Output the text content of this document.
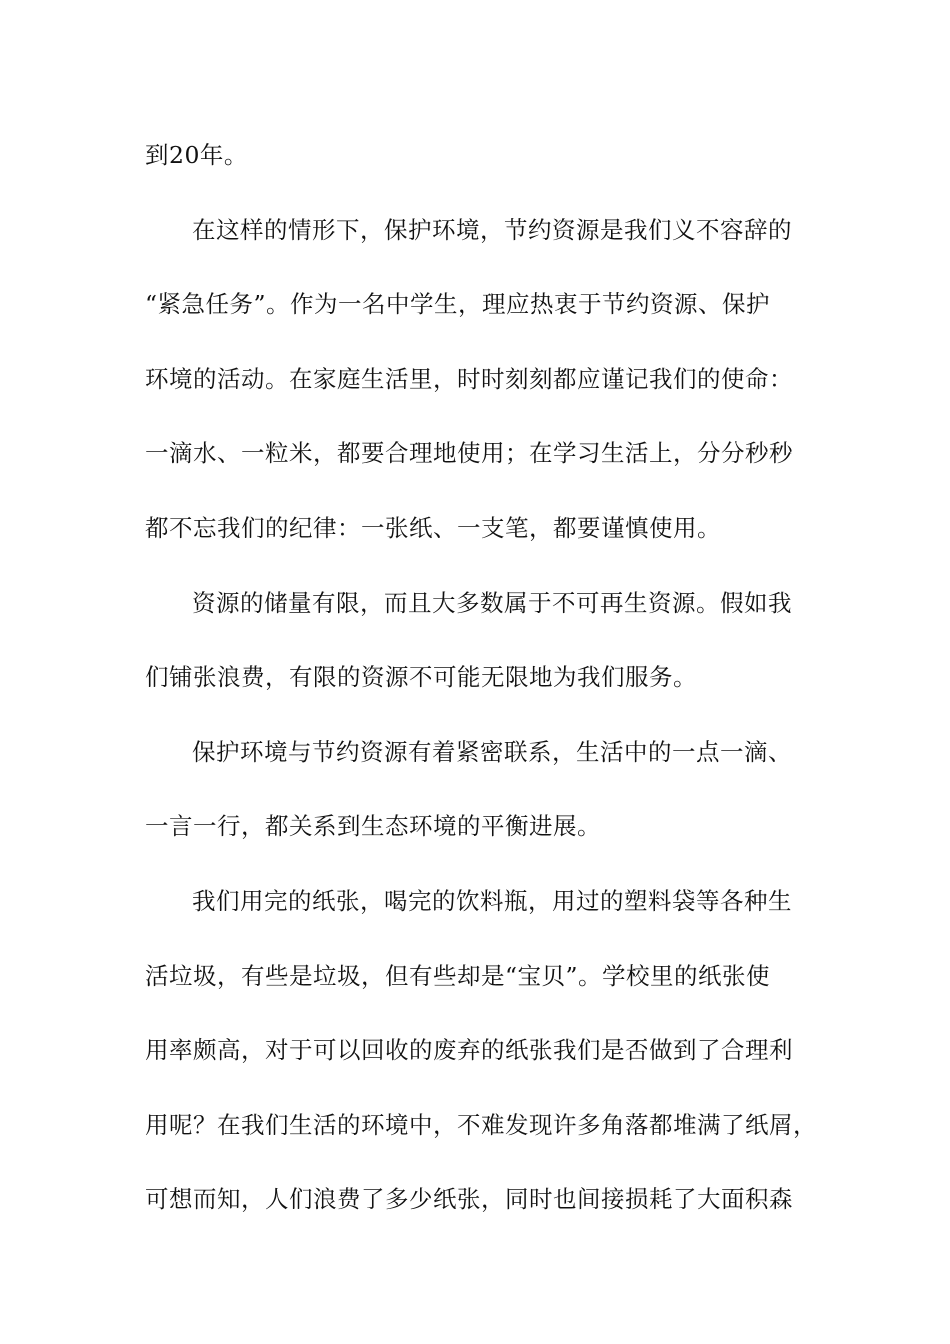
到20年。
在这样的情形下，保护环境，节约资源是我们义不容辞的
“紧急任务”。作为一名中学生，理应热衷于节约资源、保护
环境的活动。在家庭生活里，时时刻刻都应谨记我们的使命：
一滴水、一粒米，都要合理地使用；在学习生活上，分分秒秒
都不忘我们的纪律：一张纸、一支笔，都要谨慎使用。
资源的储量有限，而且大多数属于不可再生资源。假如我
们铺张浪费，有限的资源不可能无限地为我们服务。
保护环境与节约资源有着紧密联系，生活中的一点一滴、
一言一行，都关系到生态环境的平衡进展。
我们用完的纸张，喝完的饮料瓶，用过的塑料袋等各种生
活垃圾，有些是垃圾，但有些却是“宝贝”。学校里的纸张使
用率颇高，对于可以回收的废弃的纸张我们是否做到了合理利
用呢？在我们生活的环境中，不难发现许多角落都堆满了纸屑，
可想而知，人们浪费了多少纸张，同时也间接损耗了大面积森
